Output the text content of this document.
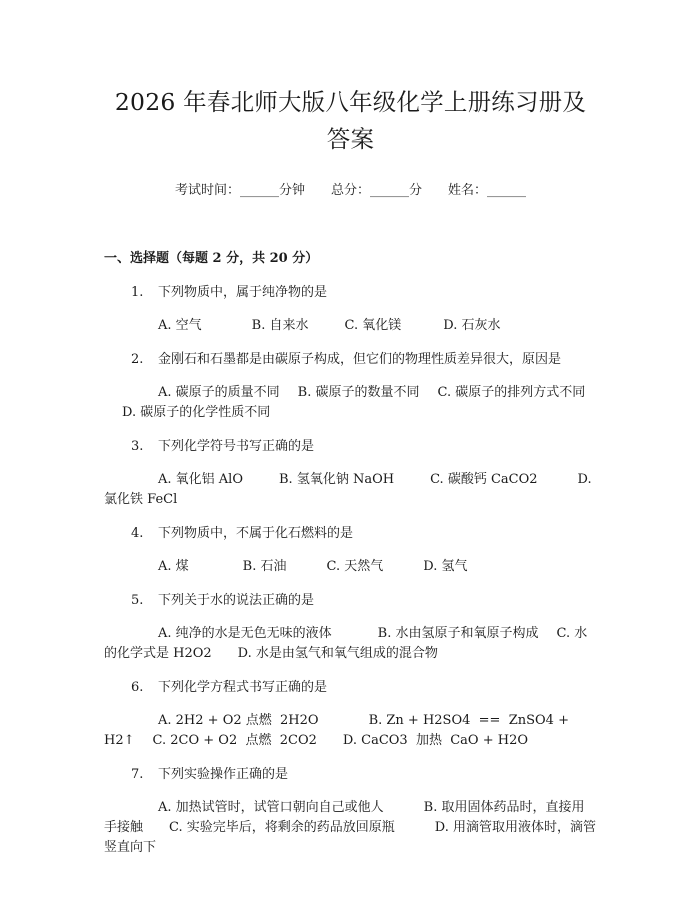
2026 年春北师大版八年级化学上册练习册及
答案
考试时间：______分钟 总分：______分 姓名：______
一、选择题（每题 2 分，共 20 分）
1. 下列物质中，属于纯净物的是
A. 空气	B. 自来水	C. 氧化镁	D. 石灰水
2. 金刚石和石墨都是由碳原子构成，但它们的物理性质差异很大，原因是
A. 碳原子的质量不同 B. 碳原子的数量不同 C. 碳原子的排列方式不同D. 碳原子的化学性质不同
3. 下列化学符号书写正确的是
A. 氧化铝 AlO	B. 氢氧化钠 NaOH	C. 碳酸钙 CaCO2	D. 氯化铁 FeCl
4. 下列物质中，不属于化石燃料的是
A. 煤	B. 石油	C. 天然气	D. 氢气
5. 下列关于水的说法正确的是
A. 纯净的水是无色无味的液体	B. 水由氢原子和氧原子构成 C. 水的化学式是 H2O2 D. 水是由氢气和氧气组成的混合物
6. 下列化学方程式书写正确的是
A. 2H2 + O2 点燃  2H2O	B. Zn + H2SO4  ==  ZnSO4 + H2↑ C. 2CO + O2  点燃  2CO2 D. CaCO3  加热  CaO + H2O
7. 下列实验操作正确的是
A. 加热试管时，试管口朝向自己或他人	B. 取用固体药品时，直接用手接触 C. 实验完毕后，将剩余的药品放回原瓶	D. 用滴管取用液体时，滴管竖直向下
